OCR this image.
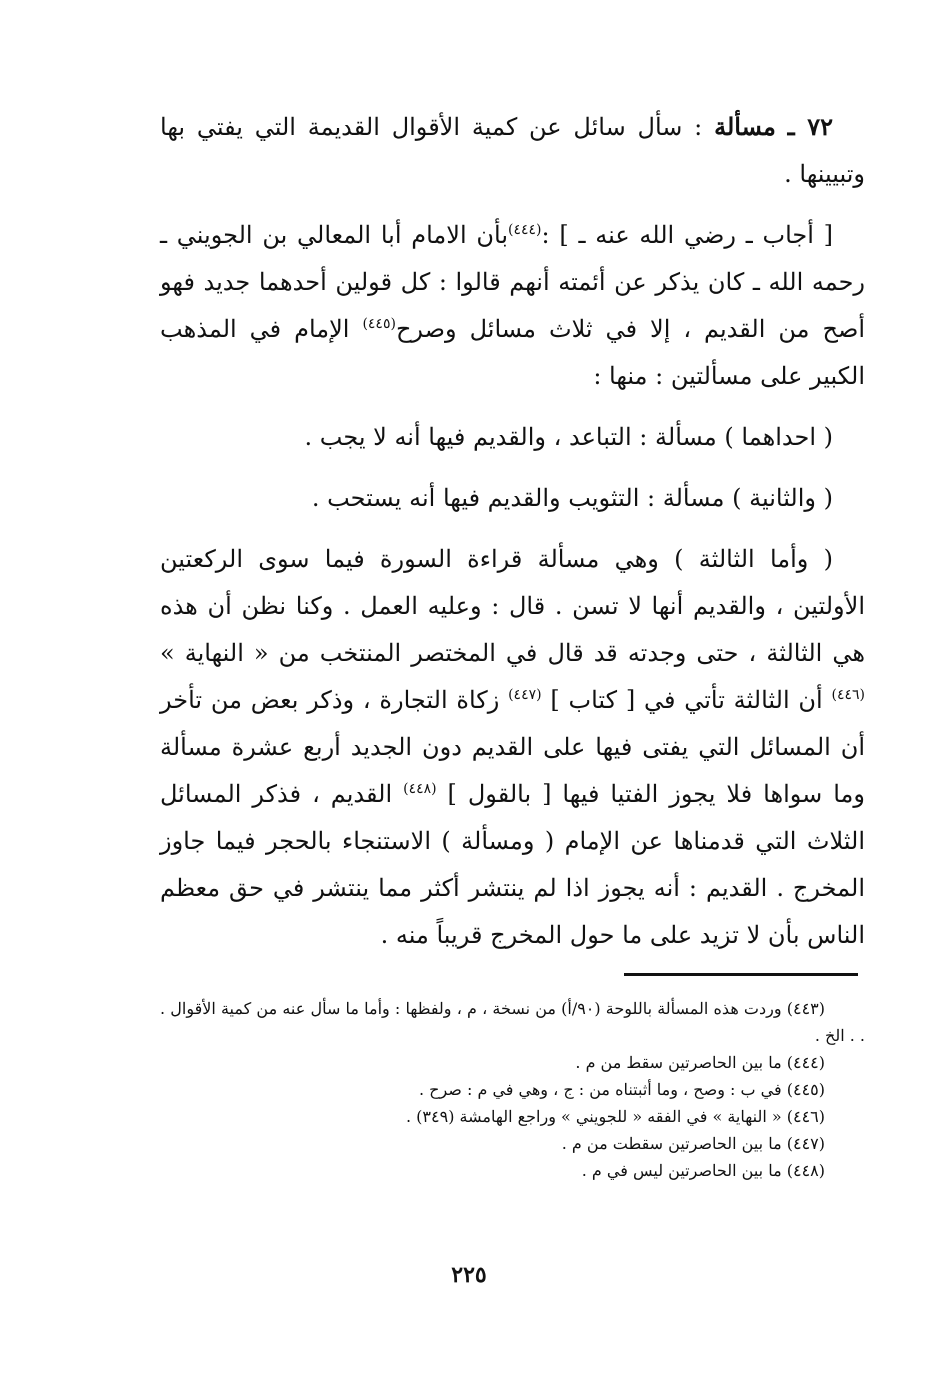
٧٢ ـ مسألة : سأل سائل عن كمية الأقوال القديمة التي يفتي بها وتبيينها .

[ أجاب ـ رضي الله عنه ـ ] :$^{(٤٤٤)}$بأن الامام أبا المعالي بن الجويني ـ رحمه الله ـ كان يذكر عن أئمته أنهم قالوا : كل قولين أحدهما جديد فهو أصح من القديم ، إلا في ثلاث مسائل وصرح$^{(٤٤٥)}$ الإمام في المذهب الكبير على مسألتين : منها :

( احداهما ) مسألة : التباعد ، والقديم فيها أنه لا يجب .

( والثانية ) مسألة : التثويب والقديم فيها أنه يستحب .

( وأما الثالثة ) وهي مسألة قراءة السورة فيما سوى الركعتين الأولتين ، والقديم أنها لا تسن . قال : وعليه العمل . وكنا نظن أن هذه هي الثالثة ، حتى وجدته قد قال في المختصر المنتخب من « النهاية » $^{(٤٤٦)}$ أن الثالثة تأتي في [ كتاب ] $^{(٤٤٧)}$ زكاة التجارة ، وذكر بعض من تأخر أن المسائل التي يفتى فيها على القديم دون الجديد أربع عشرة مسألة وما سواها فلا يجوز الفتيا فيها [ بالقول ] $^{(٤٤٨)}$ القديم ، فذكر المسائل الثلاث التي قدمناها عن الإمام ( ومسألة ) الاستنجاء بالحجر فيما جاوز المخرج . القديم : أنه يجوز اذا لم ينتشر أكثر مما ينتشر في حق معظم الناس بأن لا تزيد على ما حول المخرج قريباً منه .

(٤٤٣) وردت هذه المسألة باللوحة (٩٠/أ) من نسخة ، م ، ولفظها : وأما ما سأل عنه من كمية الأقوال . . . الخ .

(٤٤٤) ما بين الحاصرتين سقط من م .

(٤٤٥) في ب : وصح ، وما أثبتناه من : ج ، وهي في م : صرح .

(٤٤٦) « النهاية » في الفقه « للجويني » وراجع الهامشة (٣٤٩) .

(٤٤٧) ما بين الحاصرتين سقطت من م .

(٤٤٨) ما بين الحاصرتين ليس في م .

٢٢٥
